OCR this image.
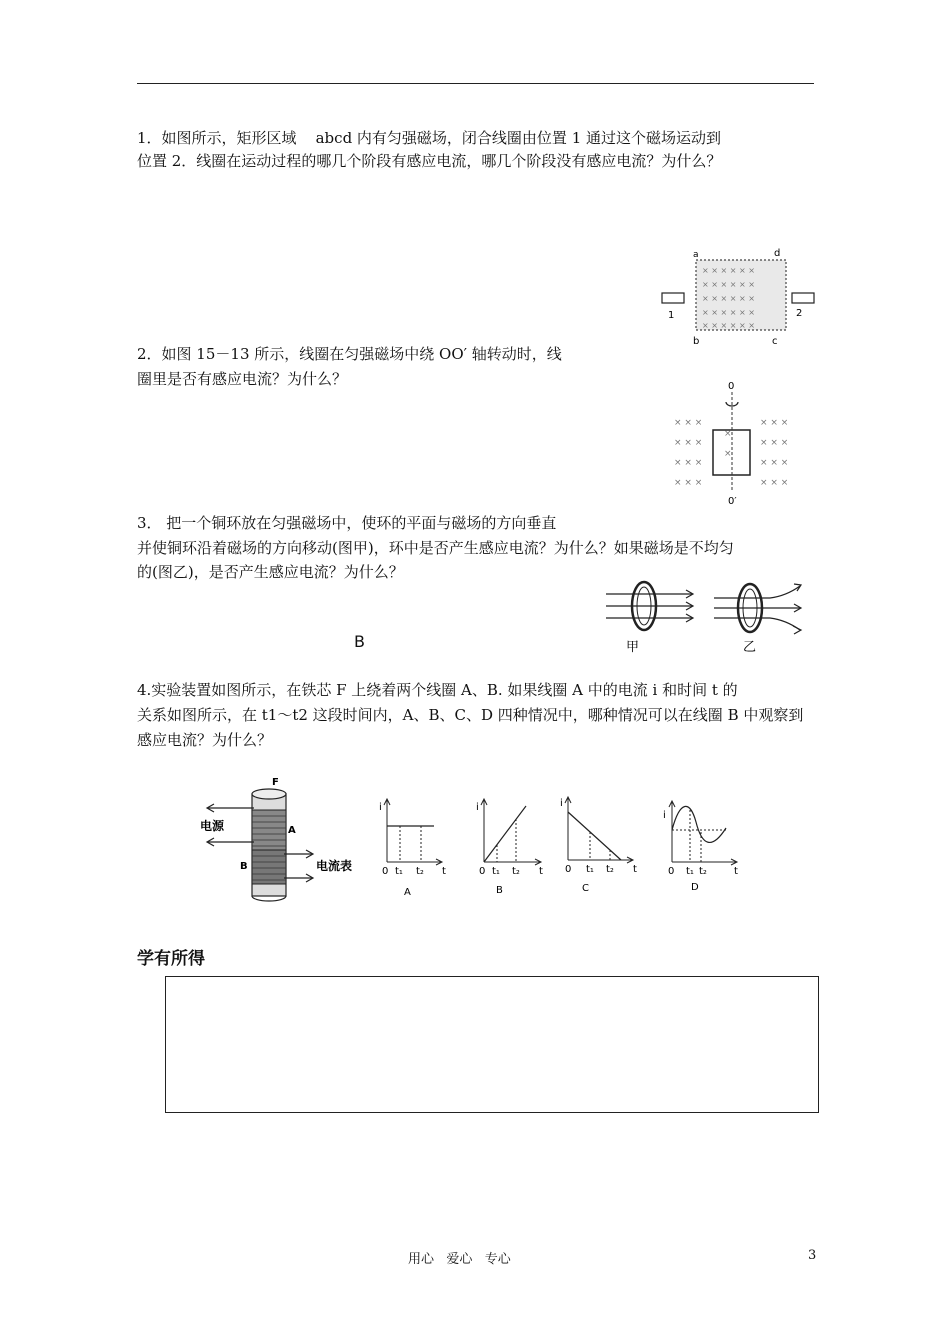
1．如图所示，矩形区域    abcd 内有匀强磁场，闭合线圈由位置 1 通过这个磁场运动到
位置 2．线圈在运动过程的哪几个阶段有感应电流，哪几个阶段没有感应电流？为什么？
× × × × × ×
× × × × × ×
× × × × × ×
× × × × × ×
× × × × × ×
a	d
b	c
1	2
2．如图 15－13 所示，线圈在匀强磁场中绕 OO′ 轴转动时，线
圈里是否有感应电流？为什么？
× × ×	× × ×
× × ×	× × ×
× × ×	× × ×
× × ×	× × ×
×
×
0
0′
3． 把一个铜环放在匀强磁场中，使环的平面与磁场的方向垂直
并使铜环沿着磁场的方向移动(图甲)，环中是否产生感应电流？为什么？如果磁场是不均匀
的(图乙)，是否产生感应电流？为什么？
B	甲	乙
4.实验装置如图所示，在铁芯 F 上绕着两个线圈 A、B. 如果线圈 A 中的电流 i 和时间 t 的
关系如图所示，在 t1～t2 这段时间内，A、B、C、D 四种情况中，哪种情况可以在线圈 B 中观察到
感应电流？为什么？
F
A
B
电源
电流表
i
0 t₁ t₂ t
A
i
0 t₁ t₂ t
B
i
0 t₁ t₂ t
C
i
0 t₁ t₂	t
D
学有所得
用心   爱心   专心	3
